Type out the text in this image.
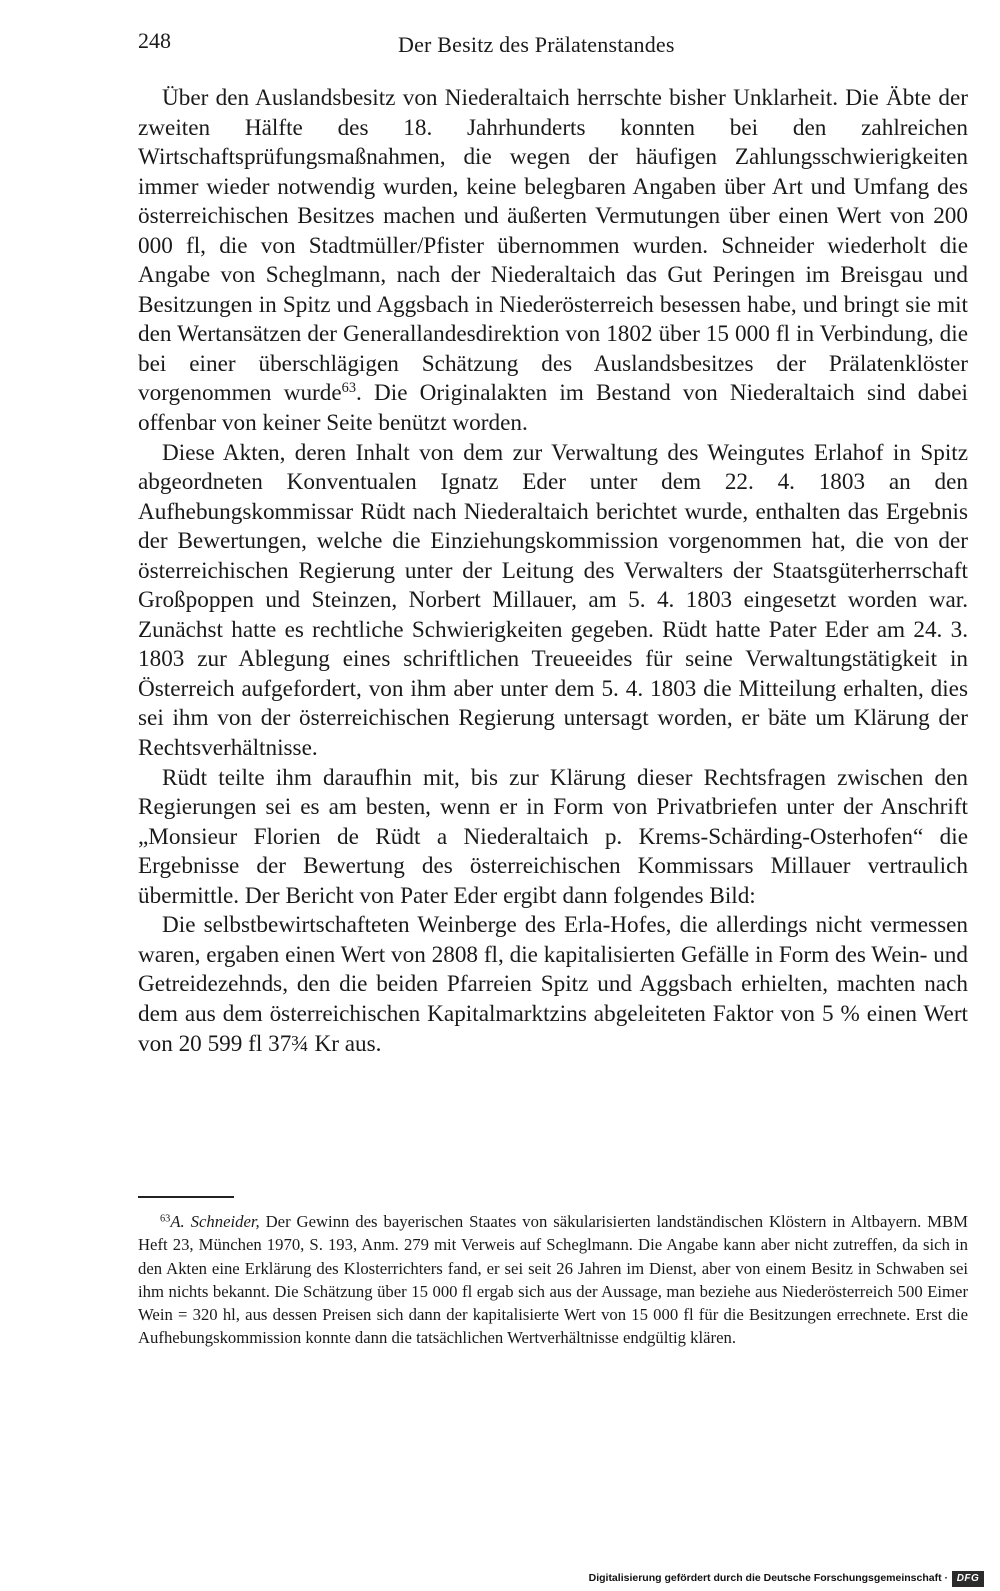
248	Der Besitz des Prälatenstandes

Über den Auslandsbesitz von Niederaltaich herrschte bisher Unklarheit. Die Äbte der zweiten Hälfte des 18. Jahrhunderts konnten bei den zahlreichen Wirtschaftsprüfungsmaßnahmen, die wegen der häufigen Zahlungsschwierigkeiten immer wieder notwendig wurden, keine belegbaren Angaben über Art und Umfang des österreichischen Besitzes machen und äußerten Vermutungen über einen Wert von 200 000 fl, die von Stadtmüller/Pfister übernommen wurden. Schneider wiederholt die Angabe von Scheglmann, nach der Niederaltaich das Gut Peringen im Breisgau und Besitzungen in Spitz und Aggsbach in Niederösterreich besessen habe, und bringt sie mit den Wertansätzen der Generallandesdirektion von 1802 über 15 000 fl in Verbindung, die bei einer überschlägigen Schätzung des Auslandsbesitzes der Prälatenklöster vorgenommen wurde$^{63}$. Die Originalakten im Bestand von Niederaltaich sind dabei offenbar von keiner Seite benützt worden.

Diese Akten, deren Inhalt von dem zur Verwaltung des Weingutes Erlahof in Spitz abgeordneten Konventualen Ignatz Eder unter dem 22. 4. 1803 an den Aufhebungskommissar Rüdt nach Niederaltaich berichtet wurde, enthalten das Ergebnis der Bewertungen, welche die Einziehungskommission vorgenommen hat, die von der österreichischen Regierung unter der Leitung des Verwalters der Staatsgüterherrschaft Großpoppen und Steinzen, Norbert Millauer, am 5. 4. 1803 eingesetzt worden war. Zunächst hatte es rechtliche Schwierigkeiten gegeben. Rüdt hatte Pater Eder am 24. 3. 1803 zur Ablegung eines schriftlichen Treueeides für seine Verwaltungstätigkeit in Österreich aufgefordert, von ihm aber unter dem 5. 4. 1803 die Mitteilung erhalten, dies sei ihm von der österreichischen Regierung untersagt worden, er bäte um Klärung der Rechtsverhältnisse.

Rüdt teilte ihm daraufhin mit, bis zur Klärung dieser Rechtsfragen zwischen den Regierungen sei es am besten, wenn er in Form von Privatbriefen unter der Anschrift „Monsieur Florien de Rüdt a Niederaltaich p. Krems-Schärding-Osterhofen“ die Ergebnisse der Bewertung des österreichischen Kommissars Millauer vertraulich übermittle. Der Bericht von Pater Eder ergibt dann folgendes Bild:

Die selbstbewirtschafteten Weinberge des Erla-Hofes, die allerdings nicht vermessen waren, ergaben einen Wert von 2808 fl, die kapitalisierten Gefälle in Form des Wein- und Getreidezehnds, den die beiden Pfarreien Spitz und Aggsbach erhielten, machten nach dem aus dem österreichischen Kapitalmarktzins abgeleiteten Faktor von 5 % einen Wert von 20 599 fl 37¾ Kr aus.

$^{63}$A. Schneider, Der Gewinn des bayerischen Staates von säkularisierten landständischen Klöstern in Altbayern. MBM Heft 23, München 1970, S. 193, Anm. 279 mit Verweis auf Scheglmann. Die Angabe kann aber nicht zutreffen, da sich in den Akten eine Erklärung des Klosterrichters fand, er sei seit 26 Jahren im Dienst, aber von einem Besitz in Schwaben sei ihm nichts bekannt. Die Schätzung über 15 000 fl ergab sich aus der Aussage, man beziehe aus Niederösterreich 500 Eimer Wein = 320 hl, aus dessen Preisen sich dann der kapitalisierte Wert von 15 000 fl für die Besitzungen errechnete. Erst die Aufhebungskommission konnte dann die tatsächlichen Wertverhältnisse endgültig klären.

Digitalisierung gefördert durch die Deutsche Forschungsgemeinschaft · DFG
